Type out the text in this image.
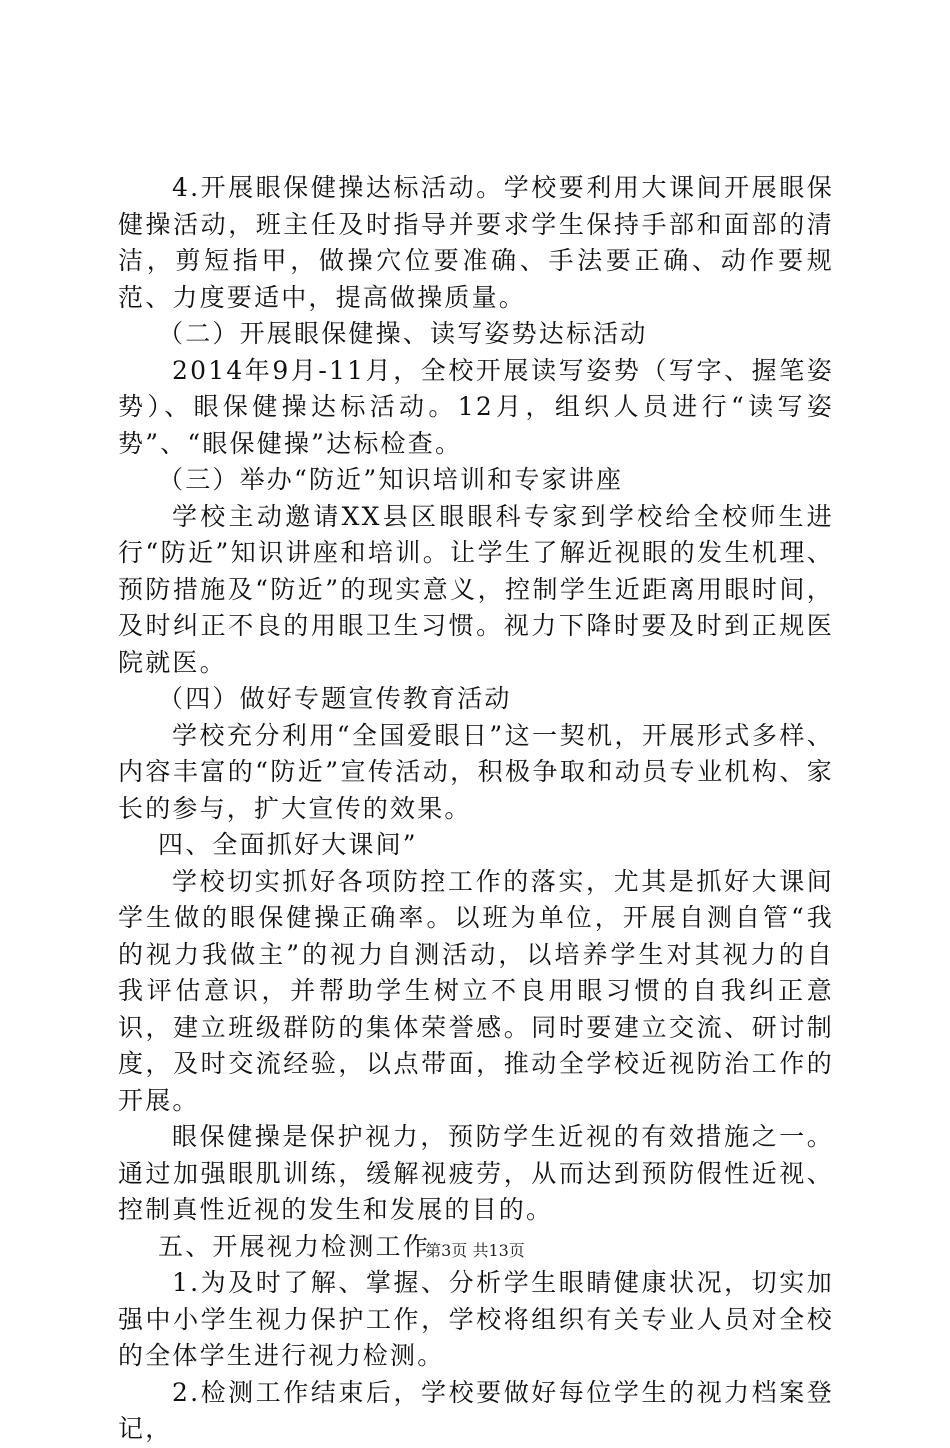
4.开展眼保健操达标活动。学校要利用大课间开展眼保健操活动，班主任及时指导并要求学生保持手部和面部的清洁，剪短指甲，做操穴位要准确、手法要正确、动作要规范、力度要适中，提高做操质量。

（二）开展眼保健操、读写姿势达标活动

2014年9月-11月，全校开展读写姿势（写字、握笔姿势）、眼保健操达标活动。12月，组织人员进行“读写姿势”、“眼保健操”达标检查。

（三）举办“防近”知识培训和专家讲座

学校主动邀请XX县区眼眼科专家到学校给全校师生进行“防近”知识讲座和培训。让学生了解近视眼的发生机理、预防措施及“防近”的现实意义，控制学生近距离用眼时间，及时纠正不良的用眼卫生习惯。视力下降时要及时到正规医院就医。

（四）做好专题宣传教育活动

学校充分利用“全国爱眼日”这一契机，开展形式多样、内容丰富的“防近”宣传活动，积极争取和动员专业机构、家长的参与，扩大宣传的效果。

四、全面抓好大课间”

学校切实抓好各项防控工作的落实，尤其是抓好大课间学生做的眼保健操正确率。以班为单位，开展自测自管“我的视力我做主”的视力自测活动，以培养学生对其视力的自我评估意识，并帮助学生树立不良用眼习惯的自我纠正意识，建立班级群防的集体荣誉感。同时要建立交流、研讨制度，及时交流经验，以点带面，推动全学校近视防治工作的开展。

眼保健操是保护视力，预防学生近视的有效措施之一。通过加强眼肌训练，缓解视疲劳，从而达到预防假性近视、控制真性近视的发生和发展的目的。

五、开展视力检测工作

1.为及时了解、掌握、分析学生眼睛健康状况，切实加强中小学生视力保护工作，学校将组织有关专业人员对全校的全体学生进行视力检测。

2.检测工作结束后，学校要做好每位学生的视力档案登记，

第3页 共13页
